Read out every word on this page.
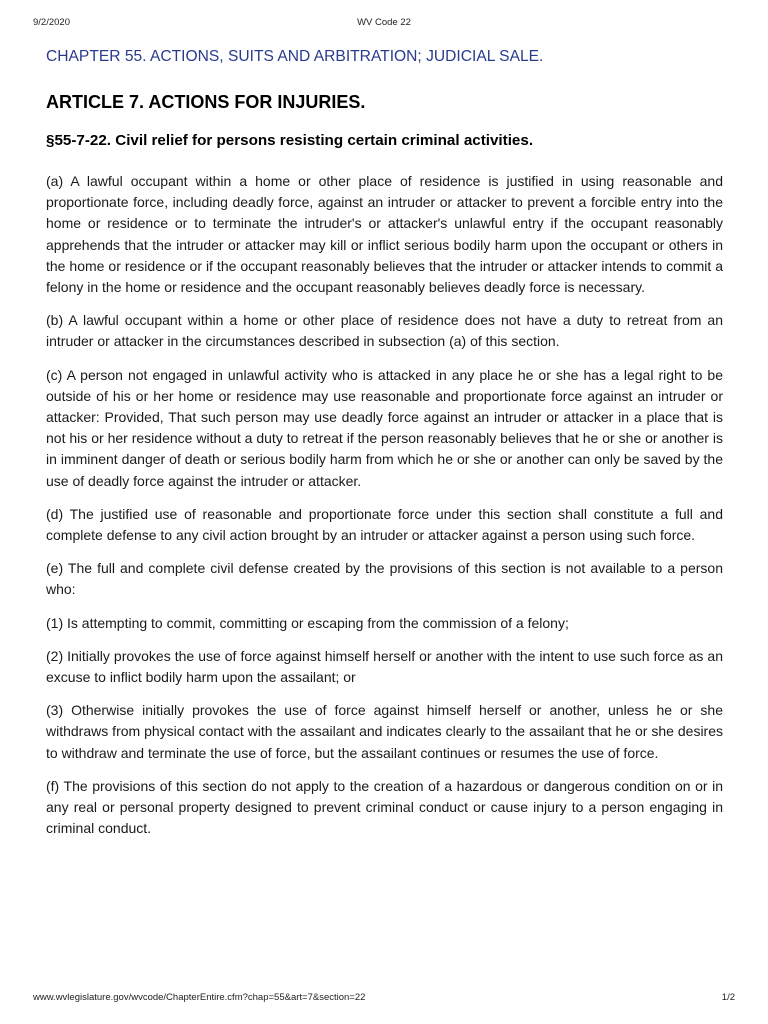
9/2/2020	WV Code 22
CHAPTER 55. ACTIONS, SUITS AND ARBITRATION; JUDICIAL SALE.
ARTICLE 7. ACTIONS FOR INJURIES.
§55-7-22. Civil relief for persons resisting certain criminal activities.

(a) A lawful occupant within a home or other place of residence is justified in using reasonable and proportionate force, including deadly force, against an intruder or attacker to prevent a forcible entry into the home or residence or to terminate the intruder's or attacker's unlawful entry if the occupant reasonably apprehends that the intruder or attacker may kill or inflict serious bodily harm upon the occupant or others in the home or residence or if the occupant reasonably believes that the intruder or attacker intends to commit a felony in the home or residence and the occupant reasonably believes deadly force is necessary.

(b) A lawful occupant within a home or other place of residence does not have a duty to retreat from an intruder or attacker in the circumstances described in subsection (a) of this section.

(c) A person not engaged in unlawful activity who is attacked in any place he or she has a legal right to be outside of his or her home or residence may use reasonable and proportionate force against an intruder or attacker: Provided, That such person may use deadly force against an intruder or attacker in a place that is not his or her residence without a duty to retreat if the person reasonably believes that he or she or another is in imminent danger of death or serious bodily harm from which he or she or another can only be saved by the use of deadly force against the intruder or attacker.

(d) The justified use of reasonable and proportionate force under this section shall constitute a full and complete defense to any civil action brought by an intruder or attacker against a person using such force.

(e) The full and complete civil defense created by the provisions of this section is not available to a person who:

(1) Is attempting to commit, committing or escaping from the commission of a felony;

(2) Initially provokes the use of force against himself herself or another with the intent to use such force as an excuse to inflict bodily harm upon the assailant; or

(3) Otherwise initially provokes the use of force against himself herself or another, unless he or she withdraws from physical contact with the assailant and indicates clearly to the assailant that he or she desires to withdraw and terminate the use of force, but the assailant continues or resumes the use of force.

(f) The provisions of this section do not apply to the creation of a hazardous or dangerous condition on or in any real or personal property designed to prevent criminal conduct or cause injury to a person engaging in criminal conduct.

www.wvlegislature.gov/wvcode/ChapterEntire.cfm?chap=55&art=7&section=22	1/2
